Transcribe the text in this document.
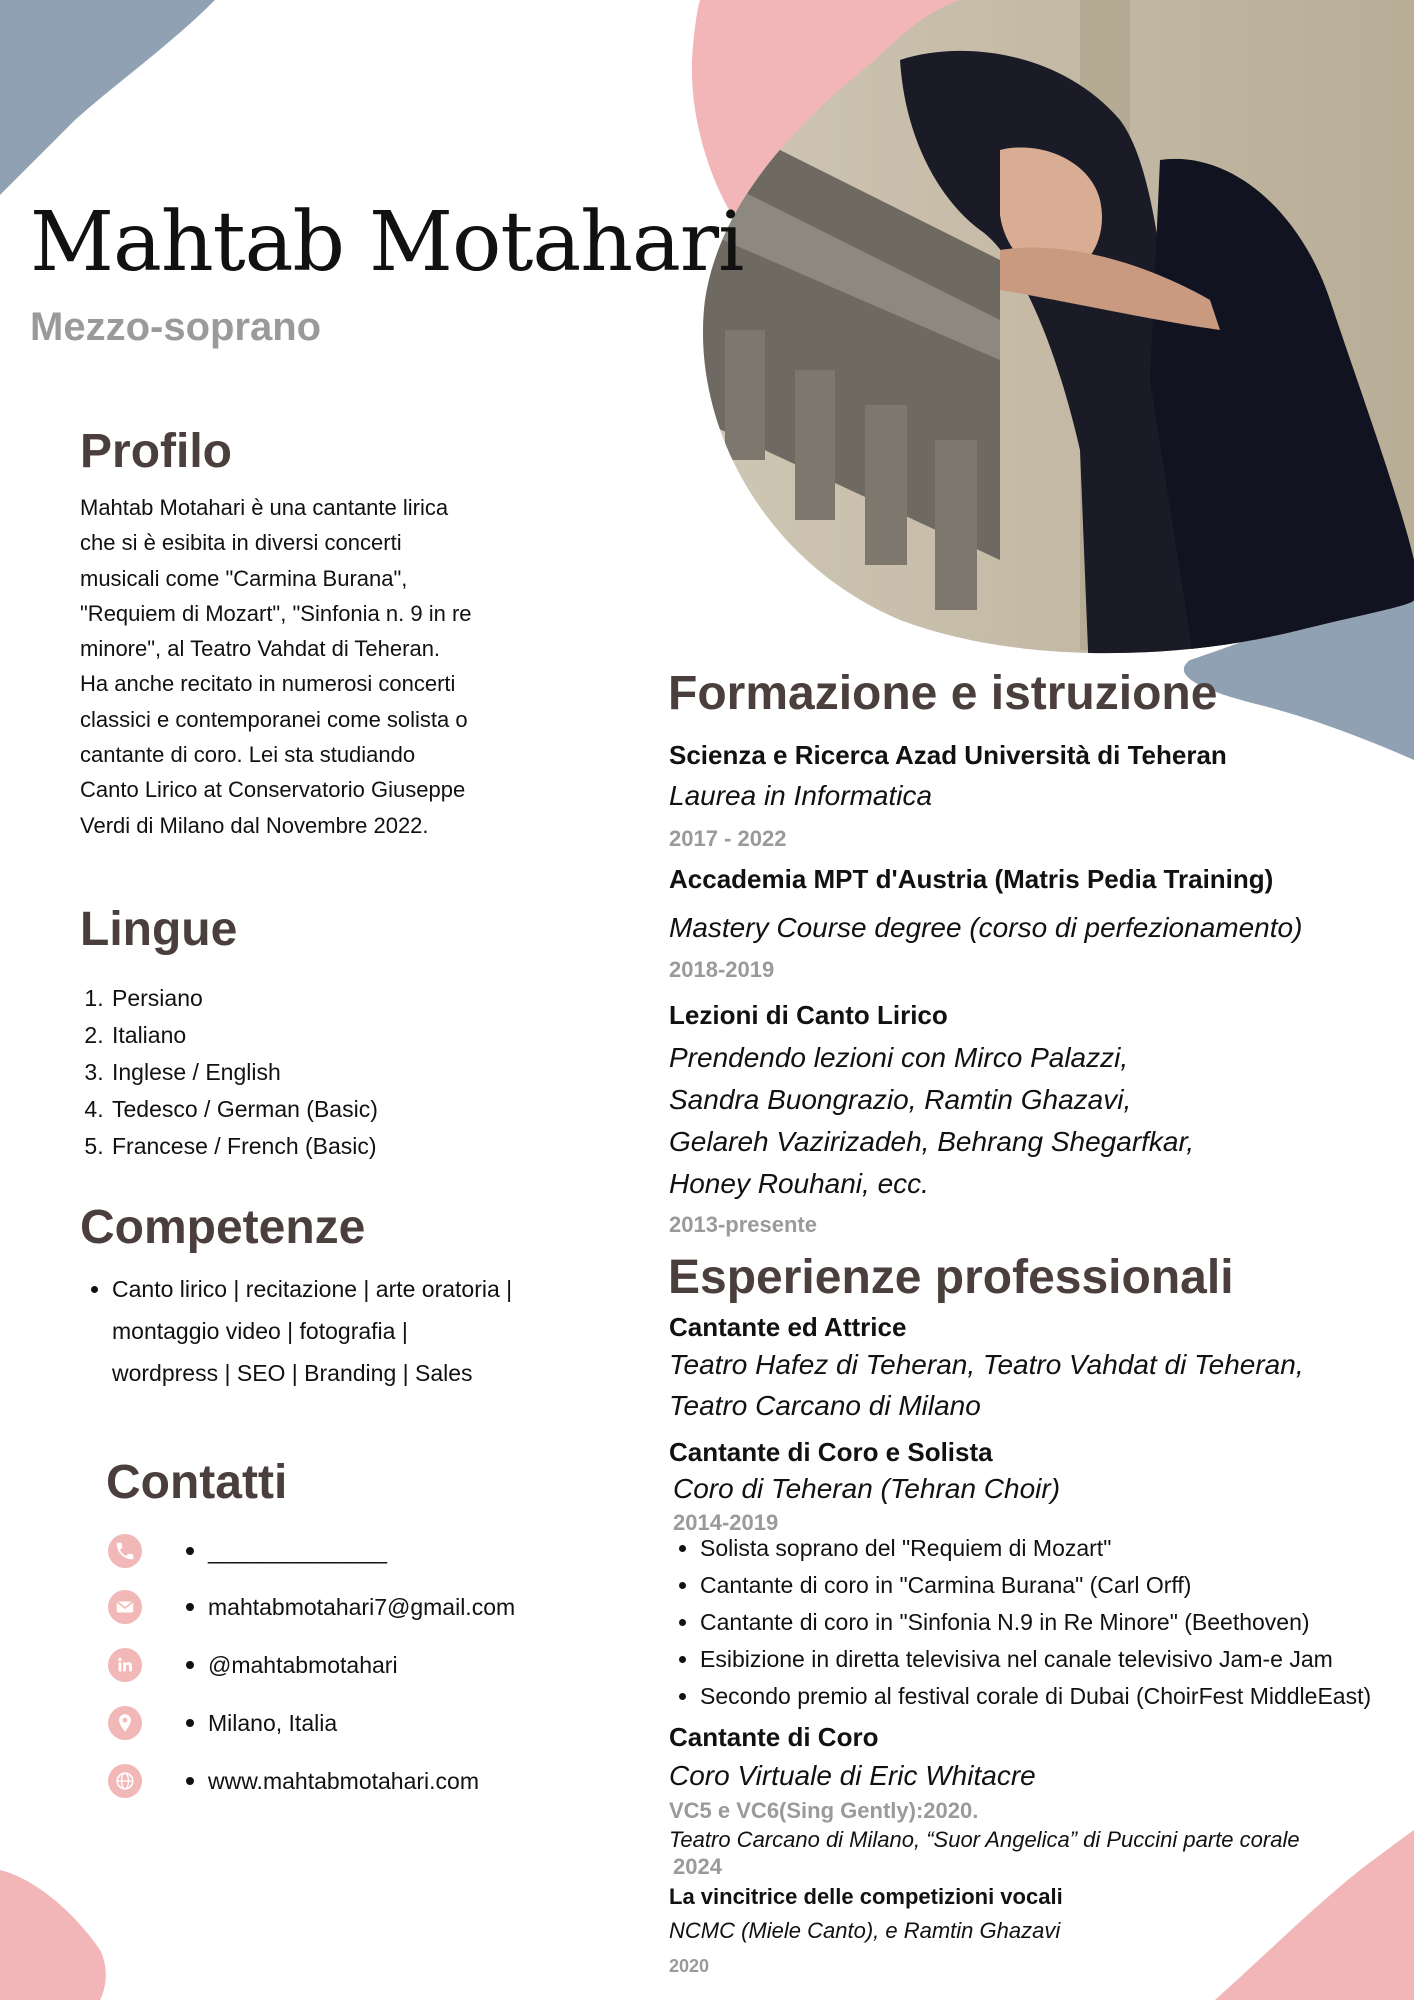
Mahtab Motahari
Mezzo-soprano
Profilo
Mahtab Motahari è una cantante lirica
che si è esibita in diversi concerti
musicali come "Carmina Burana",
"Requiem di Mozart", "Sinfonia n. 9 in re
minore", al Teatro Vahdat di Teheran.
Ha anche recitato in numerosi concerti
classici e contemporanei come solista o
cantante di coro. Lei sta studiando
Canto Lirico at Conservatorio Giuseppe
Verdi di Milano dal Novembre 2022.
Lingue
1. Persiano
2. Italiano
3. Inglese / English
4. Tedesco / German (Basic)
5. Francese / French (Basic)
Competenze
• Canto lirico | recitazione | arte oratoria |
montaggio video | fotografia |
wordpress | SEO | Branding | Sales
Contatti
______________
mahtabmotahari7@gmail.com
@mahtabmotahari
Milano, Italia
www.mahtabmotahari.com
Formazione e istruzione
Scienza e Ricerca Azad Università di Teheran
Laurea in Informatica
2017 - 2022
Accademia MPT d'Austria (Matris Pedia Training)
Mastery Course degree (corso di perfezionamento)
2018-2019
Lezioni di Canto Lirico
Prendendo lezioni con Mirco Palazzi,
Sandra Buongrazio, Ramtin Ghazavi,
Gelareh Vazirizadeh, Behrang Shegarfkar,
Honey Rouhani, ecc.
2013-presente
Esperienze professionali
Cantante ed Attrice
Teatro Hafez di Teheran, Teatro Vahdat di Teheran,
Teatro Carcano di Milano
Cantante di Coro e Solista
Coro di Teheran (Tehran Choir)
2014-2019
• Solista soprano del "Requiem di Mozart"
• Cantante di coro in "Carmina Burana" (Carl Orff)
• Cantante di coro in "Sinfonia N.9 in Re Minore" (Beethoven)
• Esibizione in diretta televisiva nel canale televisivo Jam-e Jam
• Secondo premio al festival corale di Dubai (ChoirFest MiddleEast)
Cantante di Coro
Coro Virtuale di Eric Whitacre
VC5 e VC6(Sing Gently):2020.
Teatro Carcano di Milano, “Suor Angelica” di Puccini parte corale
2024
La vincitrice delle competizioni vocali
NCMC (Miele Canto), e Ramtin Ghazavi
2020
